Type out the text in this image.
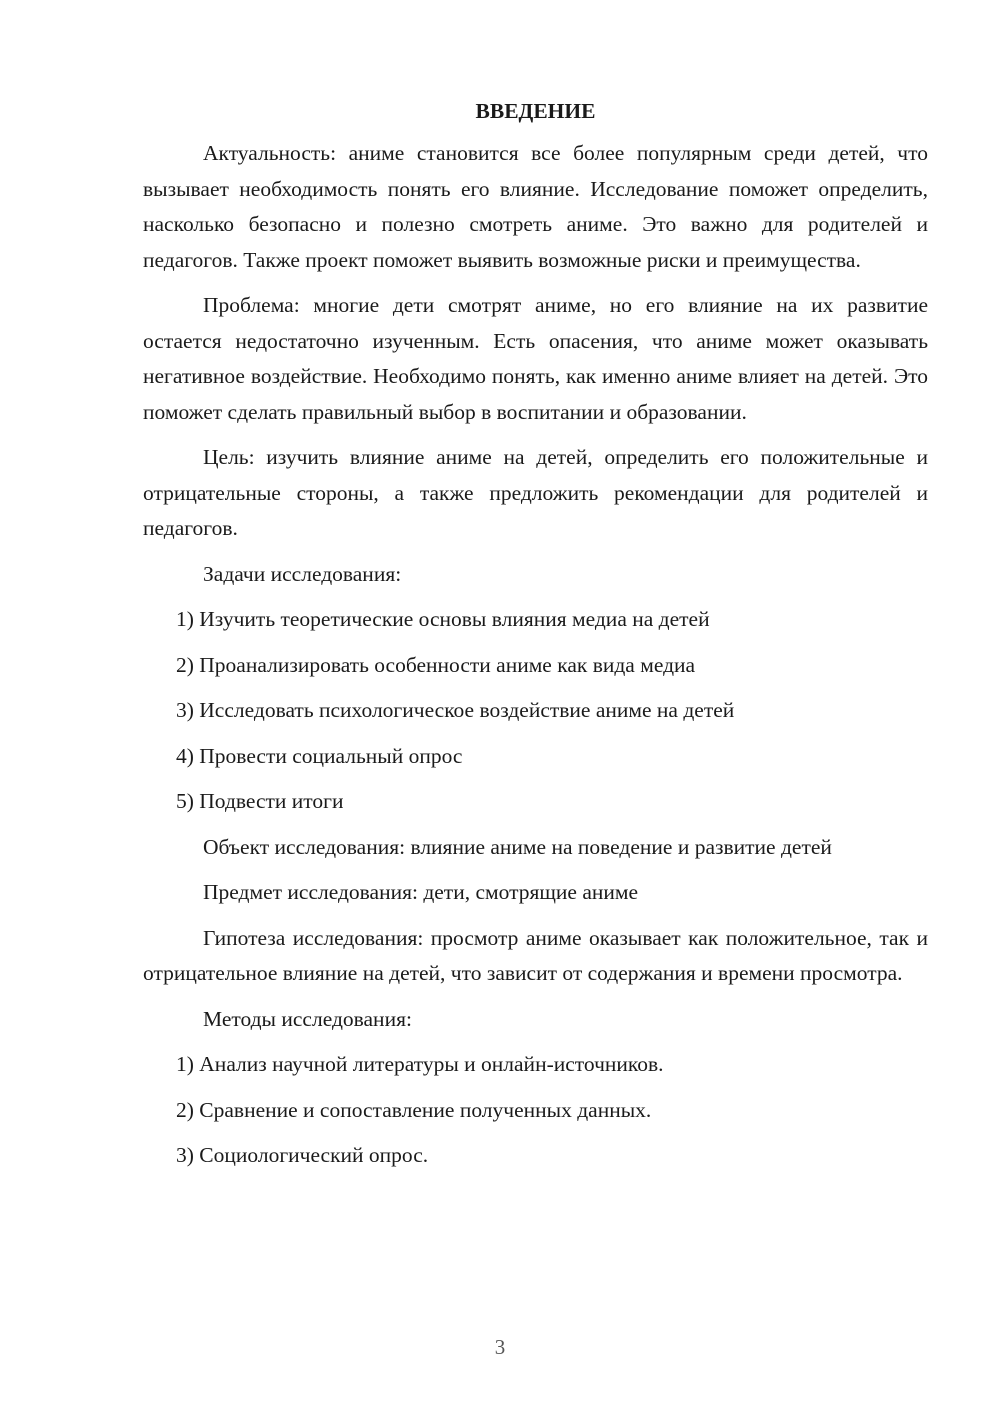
ВВЕДЕНИЕ

Актуальность: аниме становится все более популярным среди детей, что вызывает необходимость понять его влияние. Исследование поможет определить, насколько безопасно и полезно смотреть аниме. Это важно для родителей и педагогов. Также проект поможет выявить возможные риски и преимущества.

Проблема: многие дети смотрят аниме, но его влияние на их развитие остается недостаточно изученным. Есть опасения, что аниме может оказывать негативное воздействие. Необходимо понять, как именно аниме влияет на детей. Это поможет сделать правильный выбор в воспитании и образовании.

Цель: изучить влияние аниме на детей, определить его положительные и отрицательные стороны, а также предложить рекомендации для родителей и педагогов.

Задачи исследования:
1) Изучить теоретические основы влияния медиа на детей
2) Проанализировать особенности аниме как вида медиа
3) Исследовать психологическое воздействие аниме на детей
4) Провести социальный опрос
5) Подвести итоги
Объект исследования: влияние аниме на поведение и развитие детей
Предмет исследования: дети, смотрящие аниме

Гипотеза исследования: просмотр аниме оказывает как положительное, так и отрицательное влияние на детей, что зависит от содержания и времени просмотра.

Методы исследования:
1) Анализ научной литературы и онлайн-источников.
2) Сравнение и сопоставление полученных данных.
3) Социологический опрос.
3
